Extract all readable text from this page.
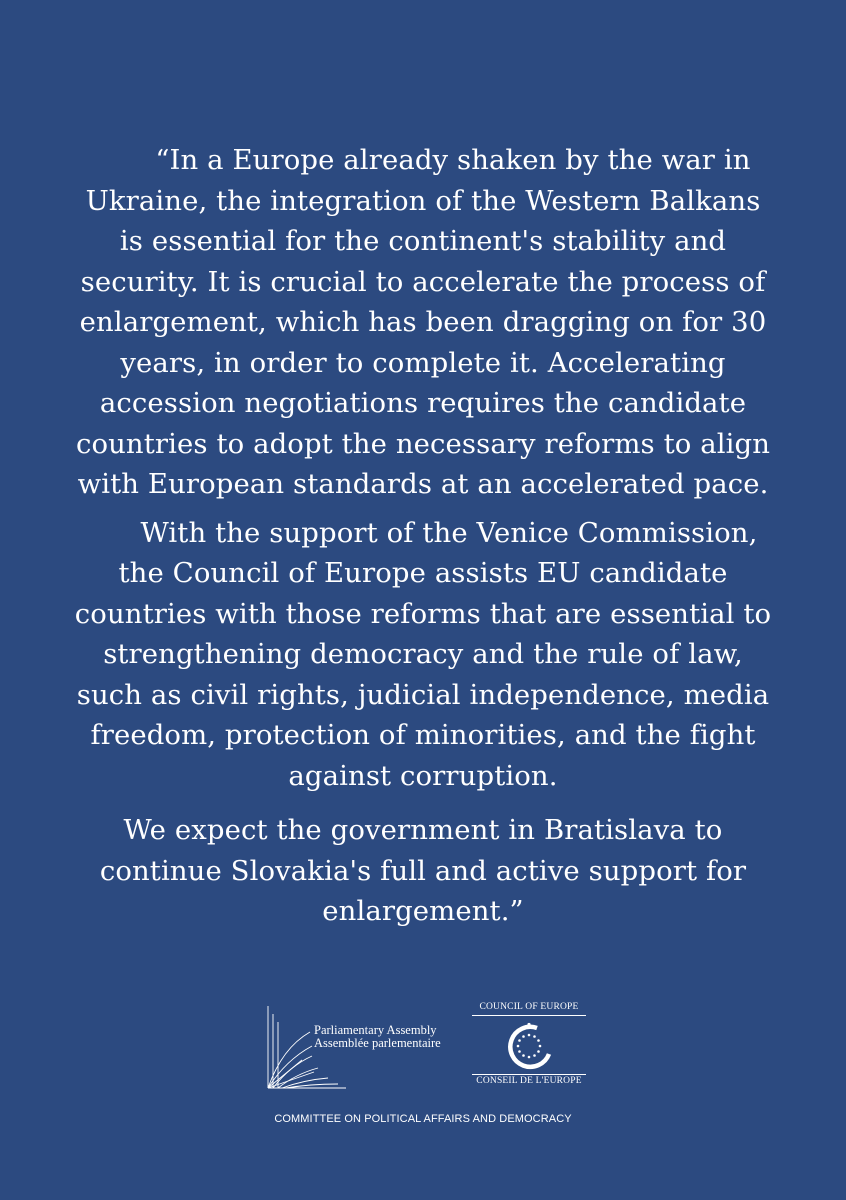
“In a Europe already shaken by the war in
Ukraine, the integration of the Western Balkans
is essential for the continent's stability and
security. It is crucial to accelerate the process of
enlargement, which has been dragging on for 30
years, in order to complete it. Accelerating
accession negotiations requires the candidate
countries to adopt the necessary reforms to align
with European standards at an accelerated pace.

With the support of the Venice Commission,
the Council of Europe assists EU candidate
countries with those reforms that are essential to
strengthening democracy and the rule of law,
such as civil rights, judicial independence, media
freedom, protection of minorities, and the fight
against corruption.

We expect the government in Bratislava to
continue Slovakia's full and active support for
enlargement.”

Parliamentary Assembly
Assemblée parlementaire
COUNCIL OF EUROPE
CONSEIL DE L'EUROPE
COMMITTEE ON POLITICAL AFFAIRS AND DEMOCRACY
